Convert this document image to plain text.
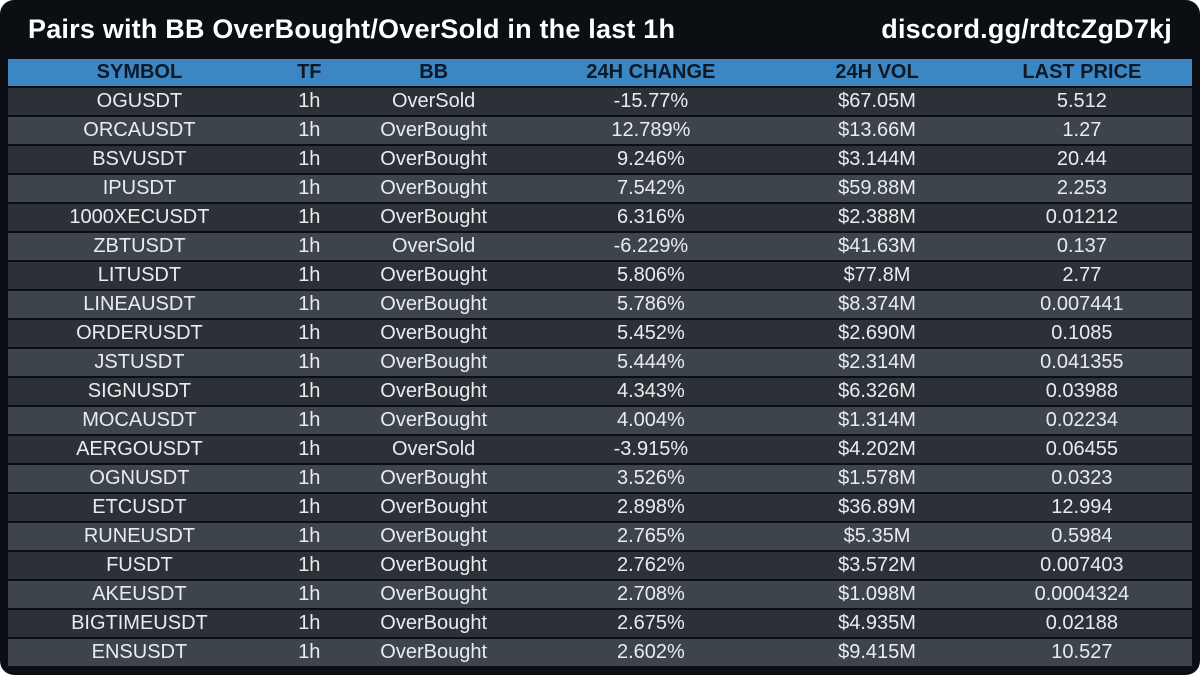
Pairs with BB OverBought/OverSold in the last 1h	discord.gg/rdtcZgD7kj
SYMBOL	TF	BB	24H CHANGE	24H VOL	LAST PRICE
OGUSDT	1h	OverSold	-15.77%	$67.05M	5.512
ORCAUSDT	1h	OverBought	12.789%	$13.66M	1.27
BSVUSDT	1h	OverBought	9.246%	$3.144M	20.44
IPUSDT	1h	OverBought	7.542%	$59.88M	2.253
1000XECUSDT	1h	OverBought	6.316%	$2.388M	0.01212
ZBTUSDT	1h	OverSold	-6.229%	$41.63M	0.137
LITUSDT	1h	OverBought	5.806%	$77.8M	2.77
LINEAUSDT	1h	OverBought	5.786%	$8.374M	0.007441
ORDERUSDT	1h	OverBought	5.452%	$2.690M	0.1085
JSTUSDT	1h	OverBought	5.444%	$2.314M	0.041355
SIGNUSDT	1h	OverBought	4.343%	$6.326M	0.03988
MOCAUSDT	1h	OverBought	4.004%	$1.314M	0.02234
AERGOUSDT	1h	OverSold	-3.915%	$4.202M	0.06455
OGNUSDT	1h	OverBought	3.526%	$1.578M	0.0323
ETCUSDT	1h	OverBought	2.898%	$36.89M	12.994
RUNEUSDT	1h	OverBought	2.765%	$5.35M	0.5984
FUSDT	1h	OverBought	2.762%	$3.572M	0.007403
AKEUSDT	1h	OverBought	2.708%	$1.098M	0.0004324
BIGTIMEUSDT	1h	OverBought	2.675%	$4.935M	0.02188
ENSUSDT	1h	OverBought	2.602%	$9.415M	10.527
